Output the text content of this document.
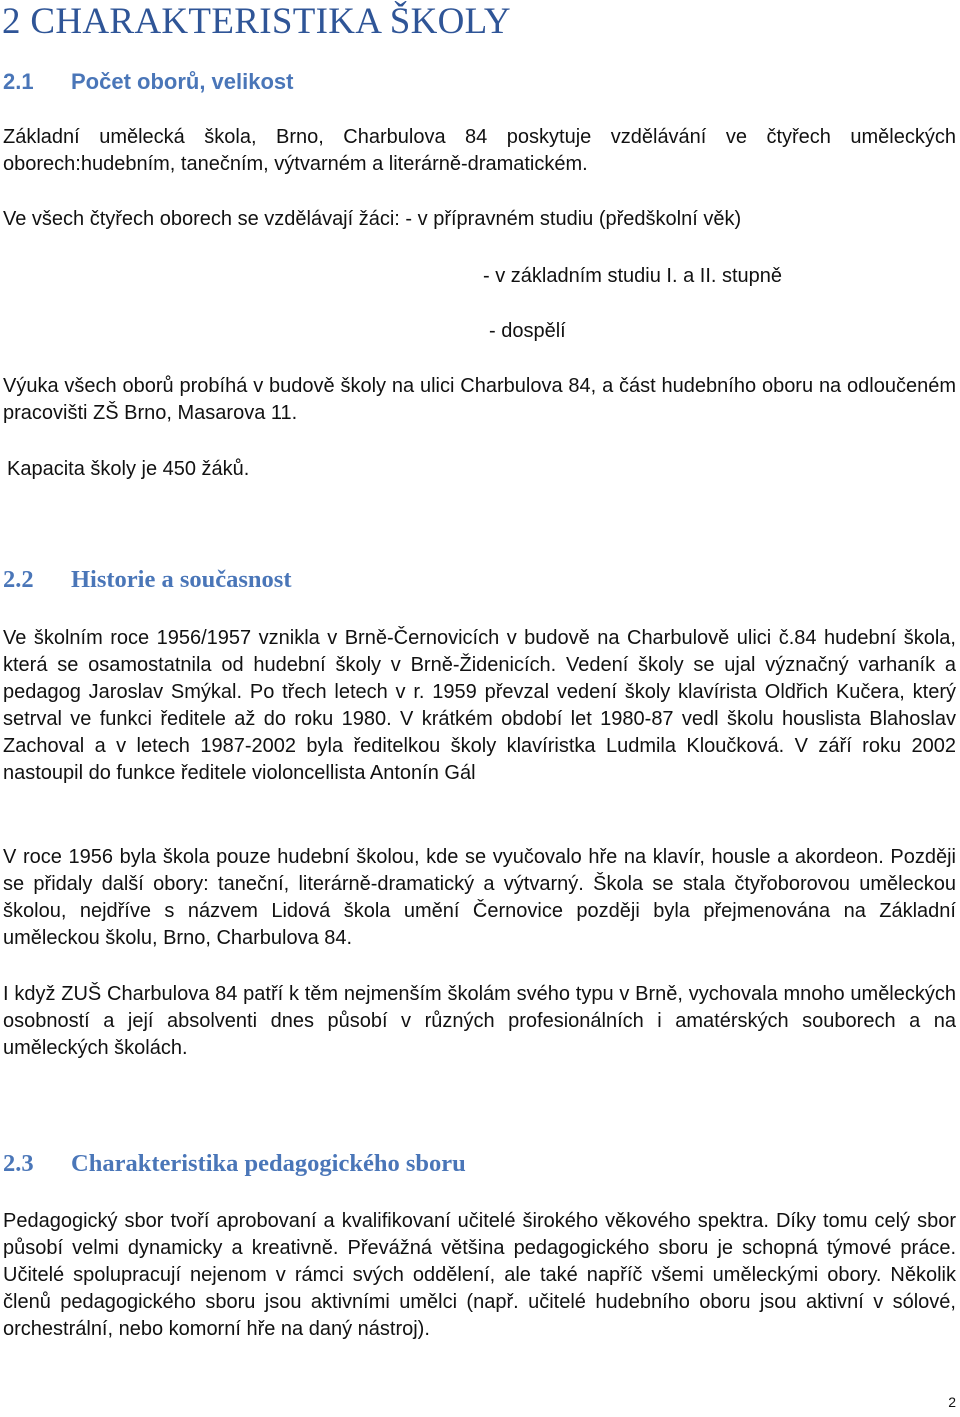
2 CHARAKTERISTIKA ŠKOLY
2.1 Počet oborů, velikost

Základní umělecká škola, Brno, Charbulova 84 poskytuje vzdělávání ve čtyřech uměleckých oborech:hudebním, tanečním, výtvarném a literárně-dramatickém.

Ve všech čtyřech oborech se vzdělávají žáci: - v přípravném studiu (předškolní věk)

- v základním studiu I. a II. stupně

- dospělí

Výuka všech oborů probíhá v budově školy na ulici Charbulova 84, a část hudebního oboru na odloučeném pracovišti ZŠ Brno, Masarova 11.

Kapacita školy je 450 žáků.

2.2 Historie a současnost

Ve školním roce 1956/1957 vznikla v Brně-Černovicích v budově na Charbulově ulici č.84 hudební škola, která se osamostatnila od hudební školy v Brně-Židenicích. Vedení školy se ujal význačný varhaník a pedagog Jaroslav Smýkal. Po třech letech v r. 1959 převzal vedení školy klavírista Oldřich Kučera, který setrval ve funkci ředitele až do roku 1980. V krátkém období let 1980-87 vedl školu houslista Blahoslav Zachoval a v letech 1987-2002 byla ředitelkou školy klavíristka Ludmila Kloučková. V září roku 2002 nastoupil do funkce ředitele violoncellista Antonín Gál

V roce 1956 byla škola pouze hudební školou, kde se vyučovalo hře na klavír, housle a akordeon. Později se přidaly další obory: taneční, literárně-dramatický a výtvarný. Škola se stala čtyřoborovou uměleckou školou, nejdříve s názvem Lidová škola umění Černovice později byla přejmenována na Základní uměleckou školu, Brno, Charbulova 84.

I když ZUŠ Charbulova 84 patří k těm nejmenším školám svého typu v Brně, vychovala mnoho uměleckých osobností a její absolventi dnes působí v různých profesionálních i amatérských souborech a na uměleckých školách.

2.3 Charakteristika pedagogického sboru

Pedagogický sbor tvoří aprobovaní a kvalifikovaní učitelé širokého věkového spektra. Díky tomu celý sbor působí velmi dynamicky a kreativně. Převážná většina pedagogického sboru je schopná týmové práce. Učitelé spolupracují nejenom v rámci svých oddělení, ale také napříč všemi uměleckými obory. Několik členů pedagogického sboru jsou aktivními umělci (např. učitelé hudebního oboru jsou aktivní v sólové, orchestrální, nebo komorní hře na daný nástroj).

2
